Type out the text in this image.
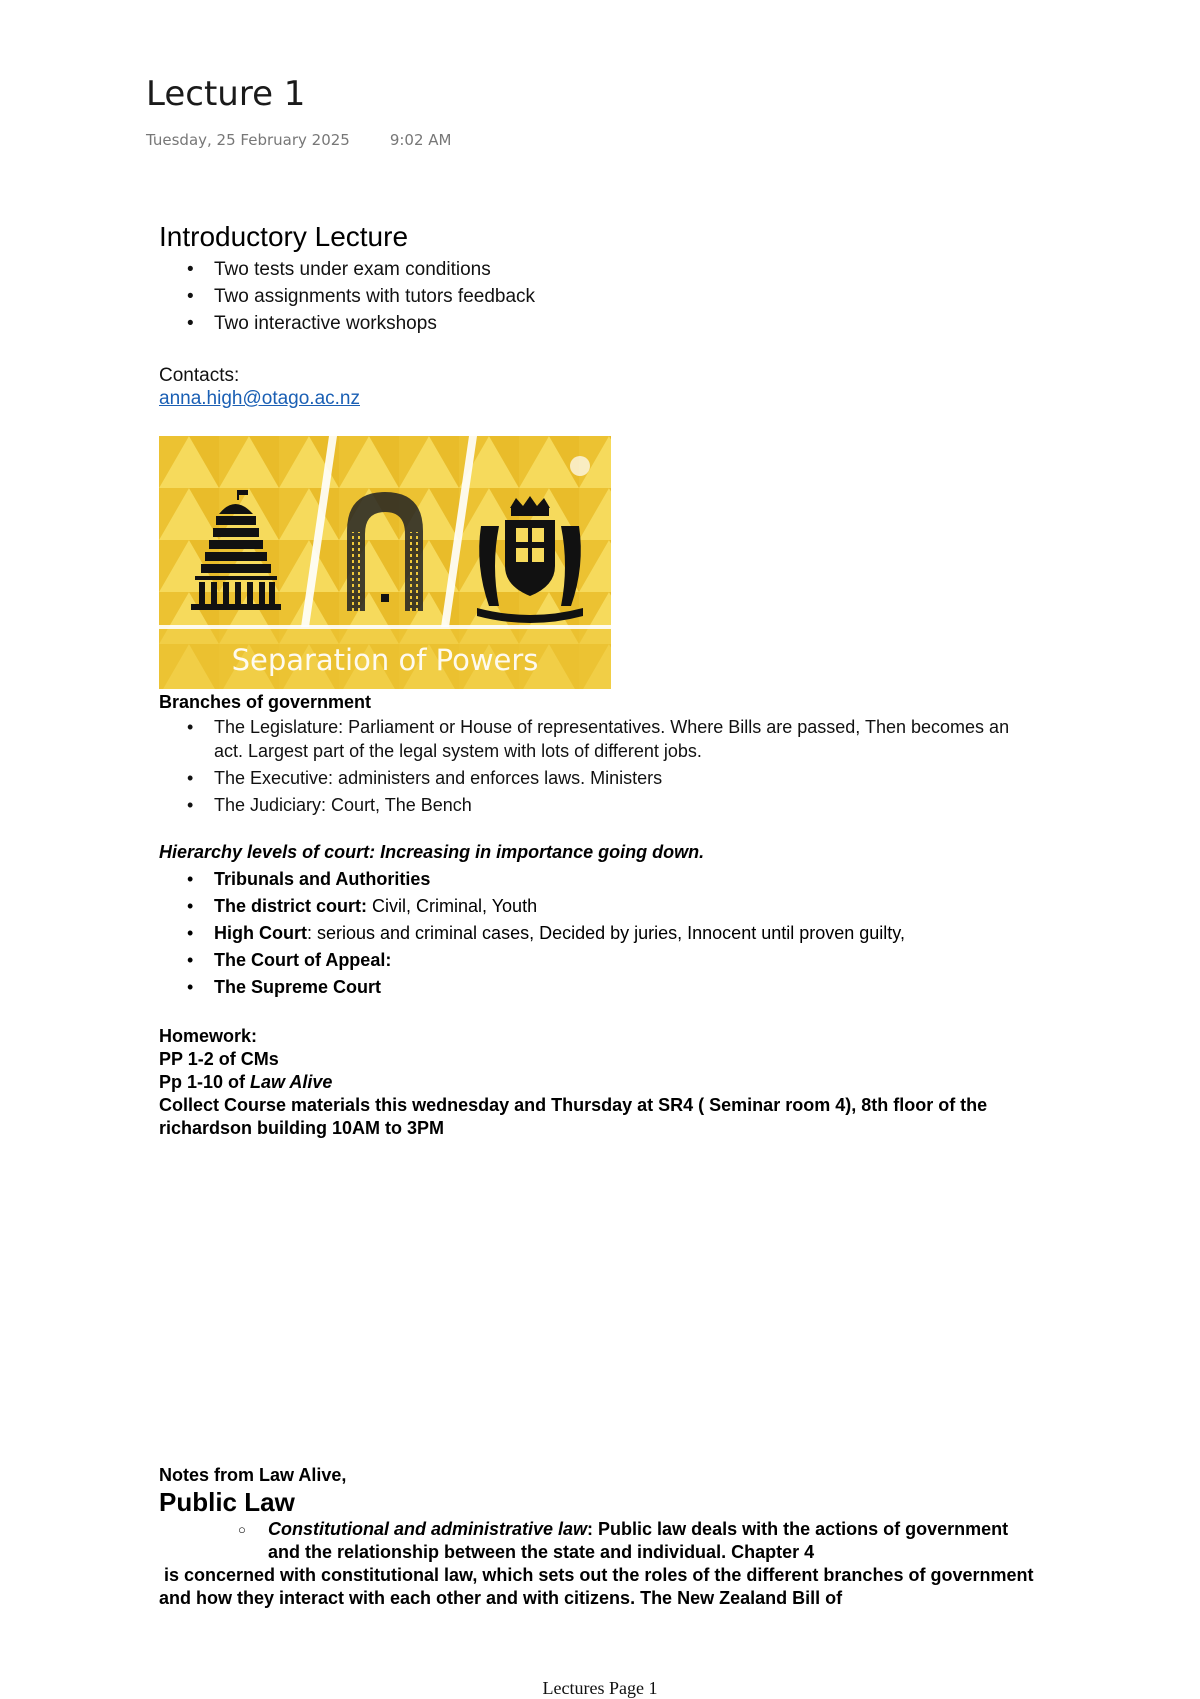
Lecture 1
Tuesday, 25 February 2025	9:02 AM
Introductory Lecture
• Two tests under exam conditions
• Two assignments with tutors feedback
• Two interactive workshops
Contacts:
anna.high@otago.ac.nz
Separation of Powers
Branches of government
• The Legislature: Parliament or House of representatives. Where Bills are passed, Then becomes an act. Largest part of the legal system with lots of different jobs.
• The Executive: administers and enforces laws. Ministers
• The Judiciary: Court, The Bench
Hierarchy levels of court: Increasing in importance going down.
• Tribunals and Authorities
• The district court: Civil, Criminal, Youth
• High Court: serious and criminal cases, Decided by juries, Innocent until proven guilty,
• The Court of Appeal:
• The Supreme Court
Homework:
PP 1-2 of CMs
Pp 1-10 of Law Alive
Collect Course materials this wednesday and Thursday at SR4 ( Seminar room 4), 8th floor of the richardson building 10AM to 3PM
Notes from Law Alive,
Public Law
○ Constitutional and administrative law: Public law deals with the actions of government and the relationship between the state and individual. Chapter 4
is concerned with constitutional law, which sets out the roles of the different branches of government and how they interact with each other and with citizens. The New Zealand Bill of
Lectures Page 1
